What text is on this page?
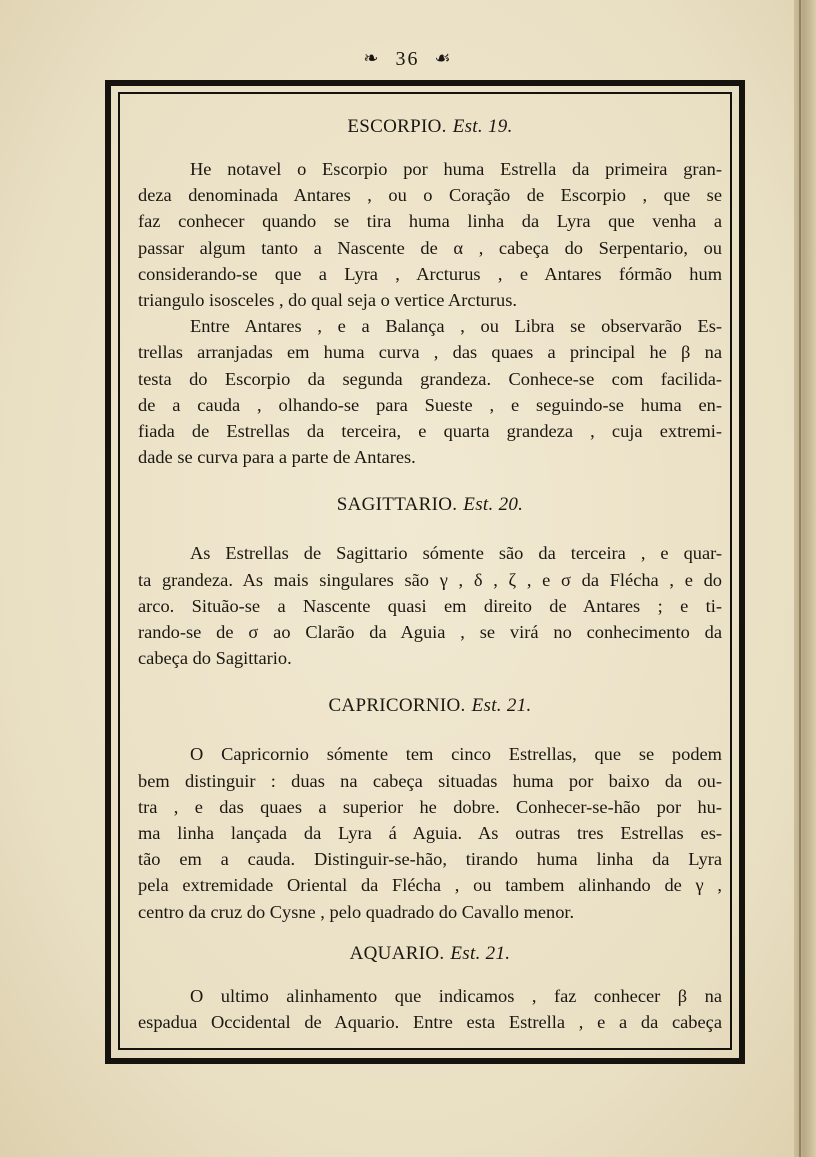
❧ 36 ☙
ESCORPIO. Est. 19.

He notavel o Escorpio por huma Estrella da primeira gran-
deza denominada Antares , ou o Coração de Escorpio , que se
faz conhecer quando se tira huma linha da Lyra que venha a
passar algum tanto a Nascente de α , cabeça do Serpentario, ou
considerando-se que a Lyra , Arcturus , e Antares fórmão hum
triangulo isosceles , do qual seja o vertice Arcturus.

Entre Antares , e a Balança , ou Libra se observarão Es-
trellas arranjadas em huma curva , das quaes a principal he β na
testa do Escorpio da segunda grandeza. Conhece-se com facilida-
de a cauda , olhando-se para Sueste , e seguindo-se huma en-
fiada de Estrellas da terceira, e quarta grandeza , cuja extremi-
dade se curva para a parte de Antares.

SAGITTARIO. Est. 20.

As Estrellas de Sagittario sómente são da terceira , e quar-
ta grandeza. As mais singulares são γ , δ , ζ , e σ da Flécha , e do
arco. Situão-se a Nascente quasi em direito de Antares ; e ti-
rando-se de σ ao Clarão da Aguia , se virá no conhecimento da
cabeça do Sagittario.

CAPRICORNIO. Est. 21.

O Capricornio sómente tem cinco Estrellas, que se podem
bem distinguir : duas na cabeça situadas huma por baixo da ou-
tra , e das quaes a superior he dobre. Conhecer-se-hão por hu-
ma linha lançada da Lyra á Aguia. As outras tres Estrellas es-
tão em a cauda. Distinguir-se-hão, tirando huma linha da Lyra
pela extremidade Oriental da Flécha , ou tambem alinhando de γ ,
centro da cruz do Cysne , pelo quadrado do Cavallo menor.

AQUARIO. Est. 21.

O ultimo alinhamento que indicamos , faz conhecer β na
espadua Occidental de Aquario. Entre esta Estrella , e a da cabeça
